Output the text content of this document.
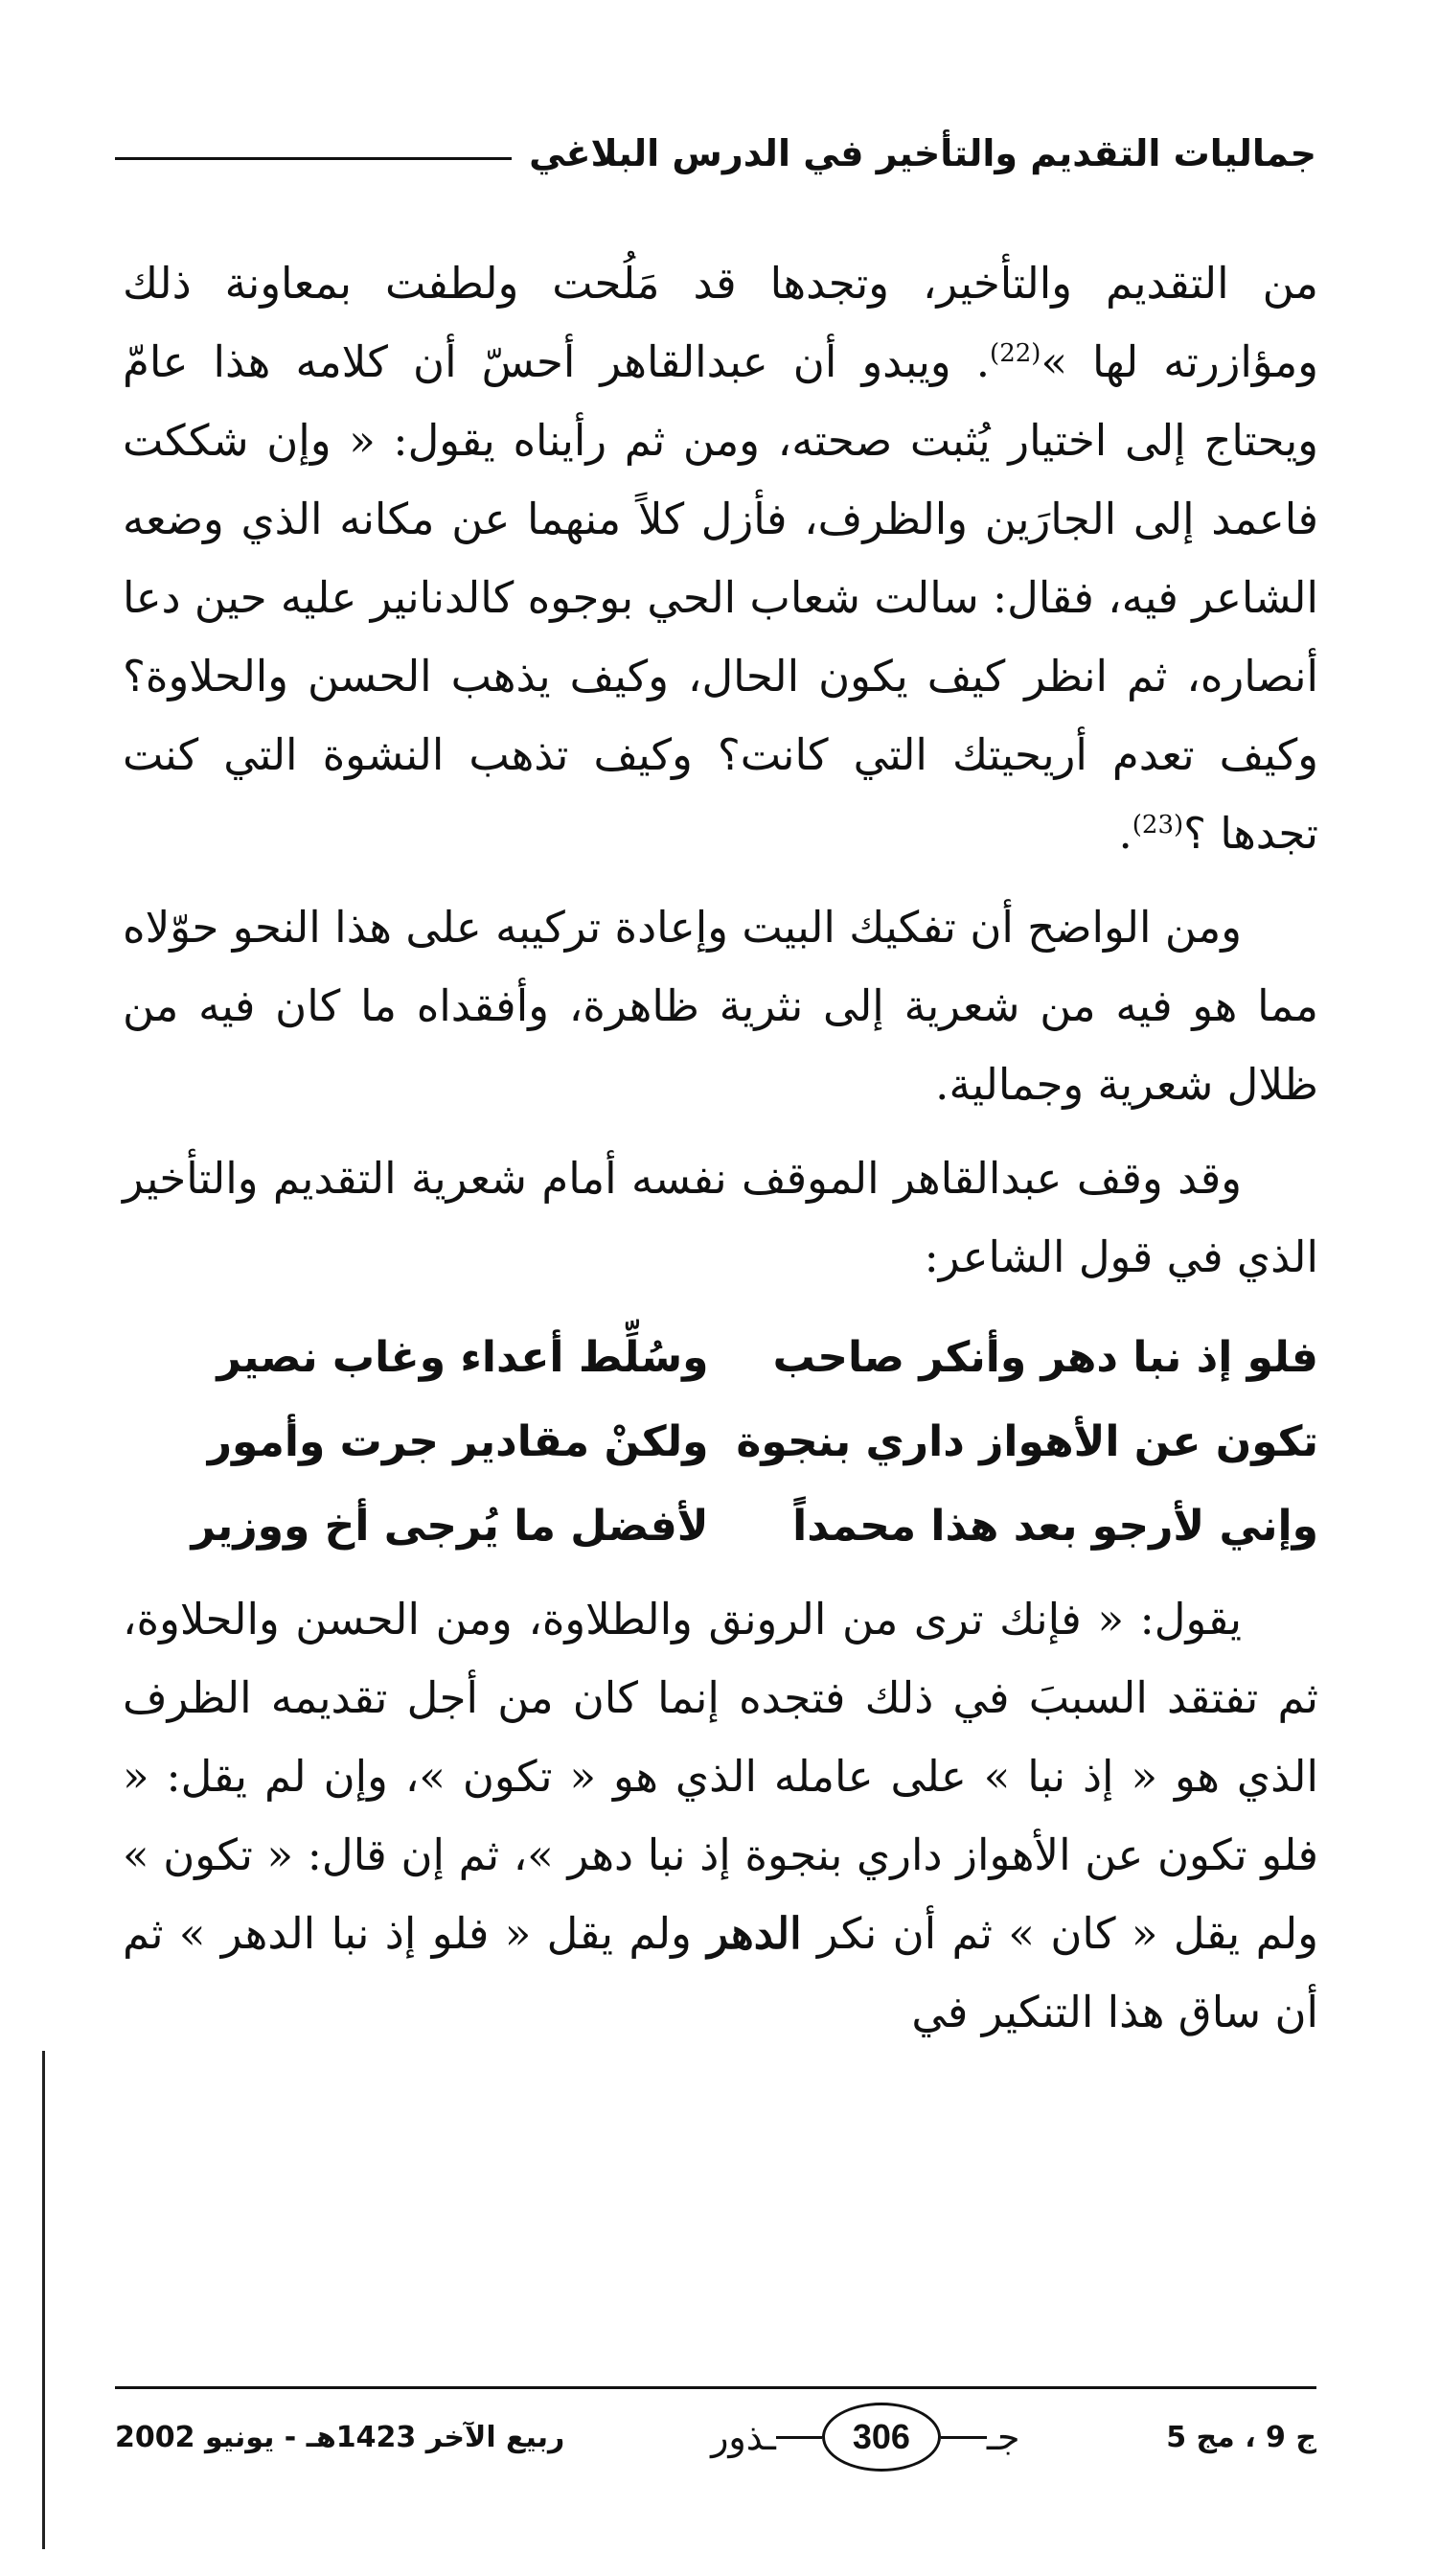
جماليات التقديم والتأخير في الدرس البلاغي

من التقديم والتأخير، وتجدها قد مَلُحت ولطفت بمعاونة ذلك ومؤازرته لها »$^{(22)}$. ويبدو أن عبدالقاهر أحسّ أن كلامه هذا عامّ ويحتاج إلى اختيار يُثبت صحته، ومن ثم رأيناه يقول: « وإن شككت فاعمد إلى الجارَين والظرف، فأزل كلاً منهما عن مكانه الذي وضعه الشاعر فيه، فقال: سالت شعاب الحي بوجوه كالدنانير عليه حين دعا أنصاره، ثم انظر كيف يكون الحال، وكيف يذهب الحسن والحلاوة؟ وكيف تعدم أريحيتك التي كانت؟ وكيف تذهب النشوة التي كنت تجدها ؟$^{(23)}$.

ومن الواضح أن تفكيك البيت وإعادة تركيبه على هذا النحو حوّلاه مما هو فيه من شعرية إلى نثرية ظاهرة، وأفقداه ما كان فيه من ظلال شعرية وجمالية.

وقد وقف عبدالقاهر الموقف نفسه أمام شعرية التقديم والتأخير الذي في قول الشاعر:

فلو إذ نبا دهر وأنكر صاحب
وسُلِّط أعداء وغاب نصير
تكون عن الأهواز داري بنجوة
ولكنْ مقادير جرت وأمور
وإني لأرجو بعد هذا محمداً
لأفضل ما يُرجى أخ ووزير

يقول: « فإنك ترى من الرونق والطلاوة، ومن الحسن والحلاوة، ثم تفتقد السببَ في ذلك فتجده إنما كان من أجل تقديمه الظرف الذي هو « إذ نبا » على عامله الذي هو « تكون »، وإن لم يقل: « فلو تكون عن الأهواز داري بنجوة إذ نبا دهر »، ثم إن قال: « تكون » ولم يقل « كان » ثم أن نكر الدهر ولم يقل « فلو إذ نبا الدهر » ثم أن ساق هذا التنكير في

ج 9 ، مج 5
جـ
306
ـذور
ربيع الآخر 1423هـ - يونيو 2002
